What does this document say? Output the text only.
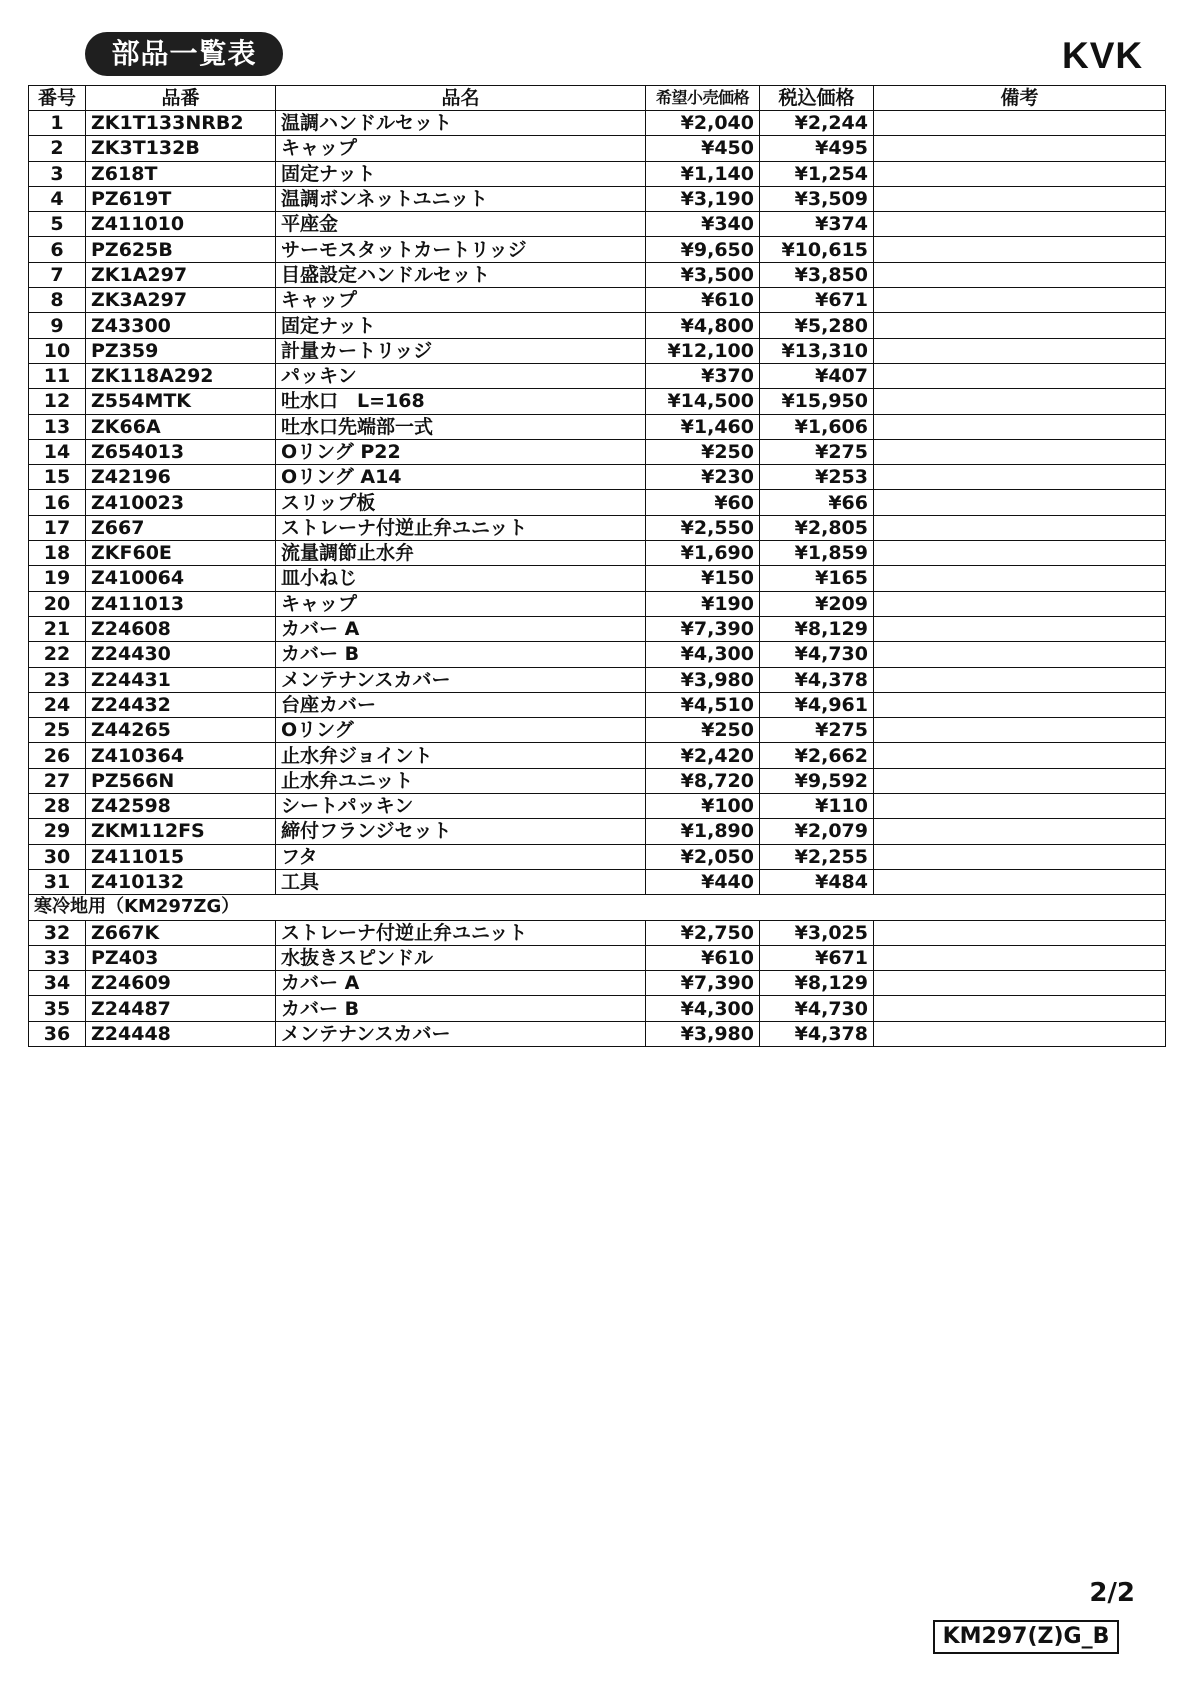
部品一覧表	KVK
番号	品番	品名	希望小売価格	税込価格	備考
1	ZK1T133NRB2	温調ハンドルセット	¥2,040	¥2,244	
2	ZK3T132B	キャップ	¥450	¥495	
3	Z618T	固定ナット	¥1,140	¥1,254	
4	PZ619T	温調ボンネットユニット	¥3,190	¥3,509	
5	Z411010	平座金	¥340	¥374	
6	PZ625B	サーモスタットカートリッジ	¥9,650	¥10,615	
7	ZK1A297	目盛設定ハンドルセット	¥3,500	¥3,850	
8	ZK3A297	キャップ	¥610	¥671	
9	Z43300	固定ナット	¥4,800	¥5,280	
10	PZ359	計量カートリッジ	¥12,100	¥13,310	
11	ZK118A292	パッキン	¥370	¥407	
12	Z554MTK	吐水口　L=168	¥14,500	¥15,950	
13	ZK66A	吐水口先端部一式	¥1,460	¥1,606	
14	Z654013	Oリング P22	¥250	¥275	
15	Z42196	Oリング A14	¥230	¥253	
16	Z410023	スリップ板	¥60	¥66	
17	Z667	ストレーナ付逆止弁ユニット	¥2,550	¥2,805	
18	ZKF60E	流量調節止水弁	¥1,690	¥1,859	
19	Z410064	皿小ねじ	¥150	¥165	
20	Z411013	キャップ	¥190	¥209	
21	Z24608	カバー A	¥7,390	¥8,129	
22	Z24430	カバー B	¥4,300	¥4,730	
23	Z24431	メンテナンスカバー	¥3,980	¥4,378	
24	Z24432	台座カバー	¥4,510	¥4,961	
25	Z44265	Oリング	¥250	¥275	
26	Z410364	止水弁ジョイント	¥2,420	¥2,662	
27	PZ566N	止水弁ユニット	¥8,720	¥9,592	
28	Z42598	シートパッキン	¥100	¥110	
29	ZKM112FS	締付フランジセット	¥1,890	¥2,079	
30	Z411015	フタ	¥2,050	¥2,255	
31	Z410132	工具	¥440	¥484	
寒冷地用（KM297ZG）					
32	Z667K	ストレーナ付逆止弁ユニット	¥2,750	¥3,025	
33	PZ403	水抜きスピンドル	¥610	¥671	
34	Z24609	カバー A	¥7,390	¥8,129	
35	Z24487	カバー B	¥4,300	¥4,730	
36	Z24448	メンテナンスカバー	¥3,980	¥4,378	
2/2
KM297(Z)G_B
